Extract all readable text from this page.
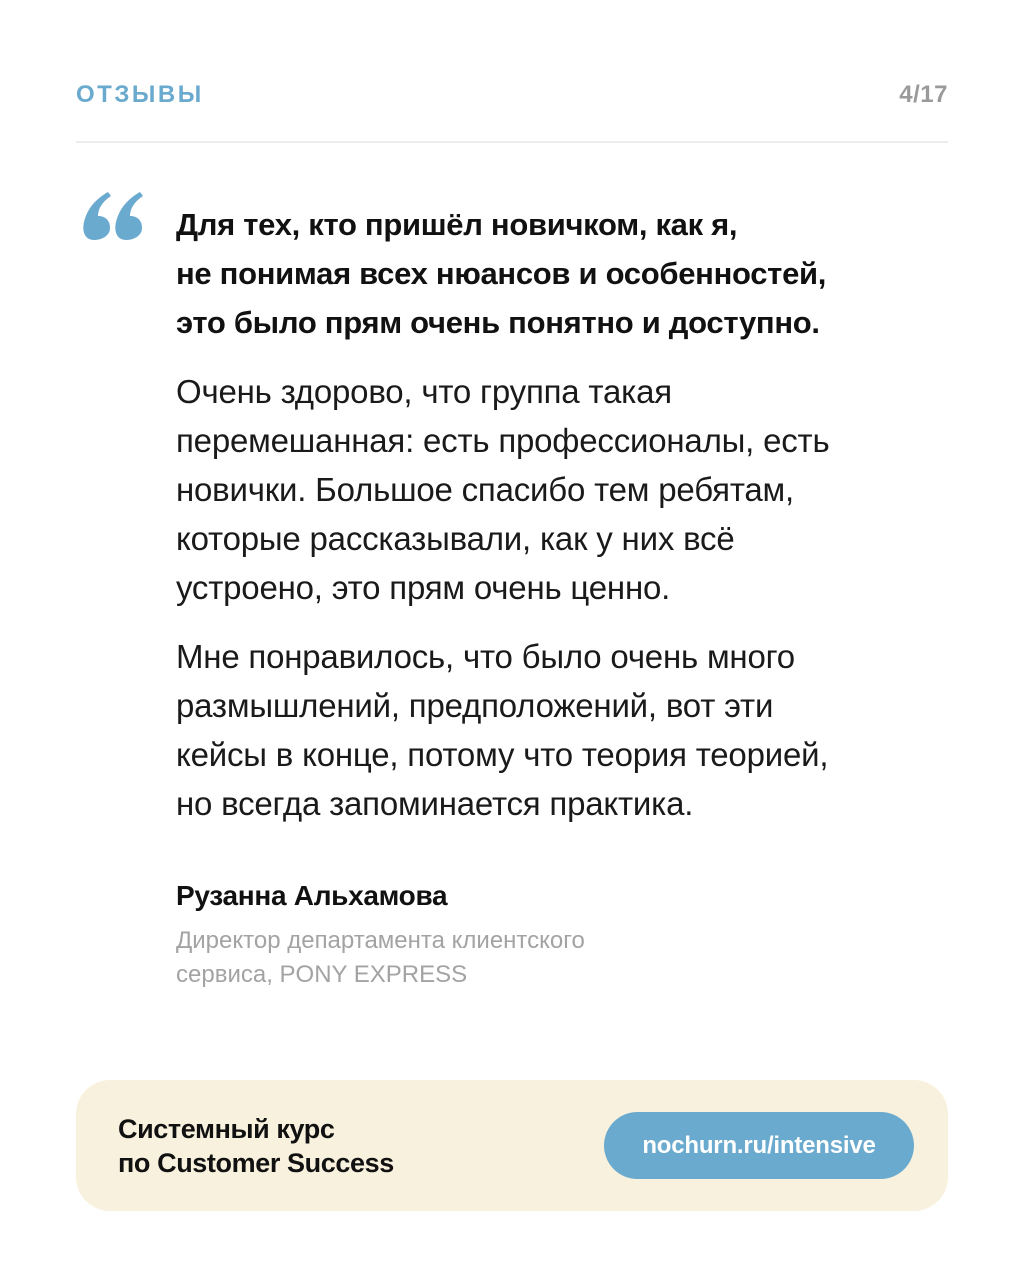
ОТЗЫВЫ	4/17
Для тех, кто пришёл новичком, как я,
не понимая всех нюансов и особенностей,
это было прям очень понятно и доступно.
Очень здорово, что группа такая
перемешанная: есть профессионалы, есть
новички. Большое спасибо тем ребятам,
которые рассказывали, как у них всё
устроено, это прям очень ценно.
Мне понравилось, что было очень много
размышлений, предположений, вот эти
кейсы в конце, потому что теория теорией,
но всегда запоминается практика.
Рузанна Альхамова
Директор департамента клиентского
сервиса, PONY EXPRESS
Системный курс
по Customer Success
nochurn.ru/intensive
